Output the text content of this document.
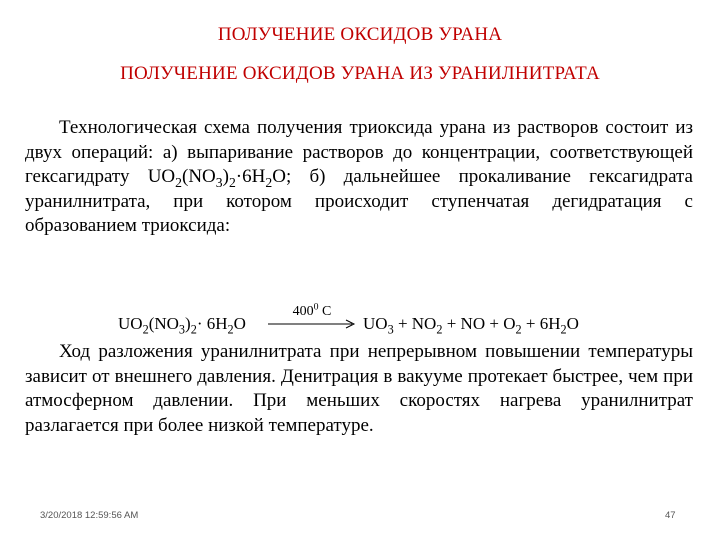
ПОЛУЧЕНИЕ ОКСИДОВ УРАНА
ПОЛУЧЕНИЕ ОКСИДОВ УРАНА ИЗ УРАНИЛНИТРАТА

Технологическая схема получения триоксида урана из растворов состоит из двух операций: а) выпаривание растворов до концентрации, соответствующей гексагидрату $UO_2(NO_3)_2\cdot 6H_2O$; б) дальнейшее прокаливание гексагидрата уранилнитрата, при котором происходит ступенчатая дегидратация с образованием триоксида:

$UO_2(NO_3)_2\cdot 6H_2O$
$400^0$ C
$UO_3 + NO_2$ + NO + $O_2 + 6H_2O$

Ход разложения уранилнитрата при непрерывном повышении температуры зависит от внешнего давления. Денитрация в вакууме протекает быстрее, чем при атмосферном давлении. При меньших скоростях нагрева уранилнитрат разлагается при более низкой температуре.

3/20/2018 12:59:56 AM	47
